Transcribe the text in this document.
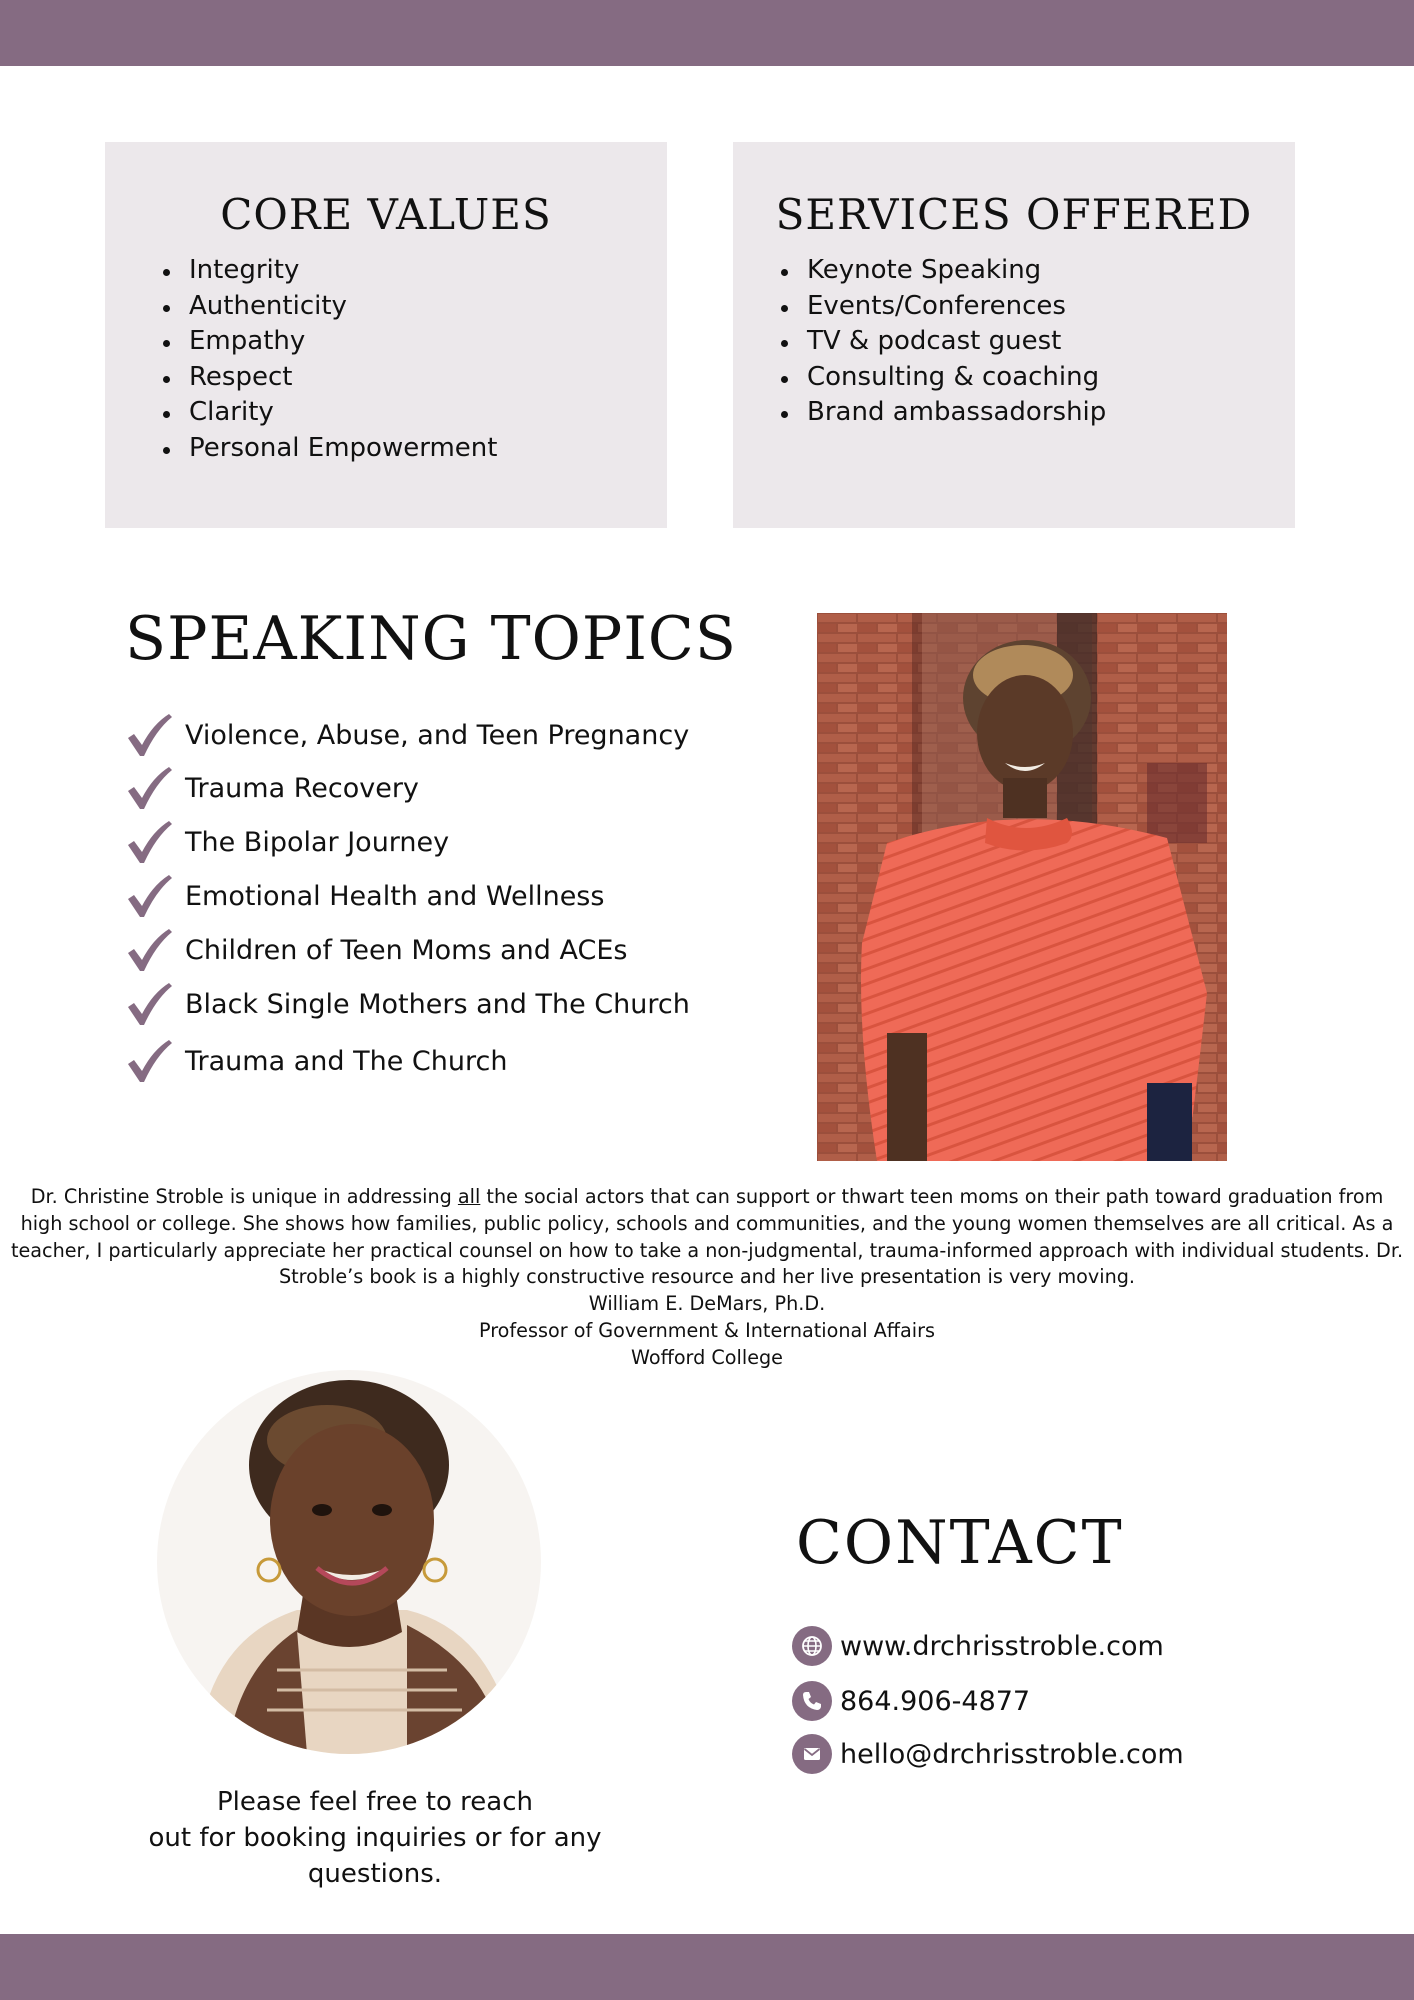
CORE VALUES
Integrity
Authenticity
Empathy
Respect
Clarity
Personal Empowerment
SERVICES OFFERED
Keynote Speaking
Events/Conferences
TV & podcast guest
Consulting & coaching
Brand ambassadorship
SPEAKING TOPICS
Violence, Abuse, and Teen Pregnancy
Trauma Recovery
The Bipolar Journey
Emotional Health and Wellness
Children of Teen Moms and ACEs
Black Single Mothers and The Church
Trauma and The Church
Dr. Christine Stroble is unique in addressing all the social actors that can support or thwart teen moms on their path toward graduation from high school or college. She shows how families, public policy, schools and communities, and the young women themselves are all critical. As a teacher, I particularly appreciate her practical counsel on how to take a non-judgmental, trauma-informed approach with individual students. Dr. Stroble’s book is a highly constructive resource and her live presentation is very moving.
William E. DeMars, Ph.D.
Professor of Government & International Affairs
Wofford College
Please feel free to reach
out for booking inquiries or for any
questions.
CONTACT
www.drchrisstroble.com
864.906-4877
hello@drchrisstroble.com
